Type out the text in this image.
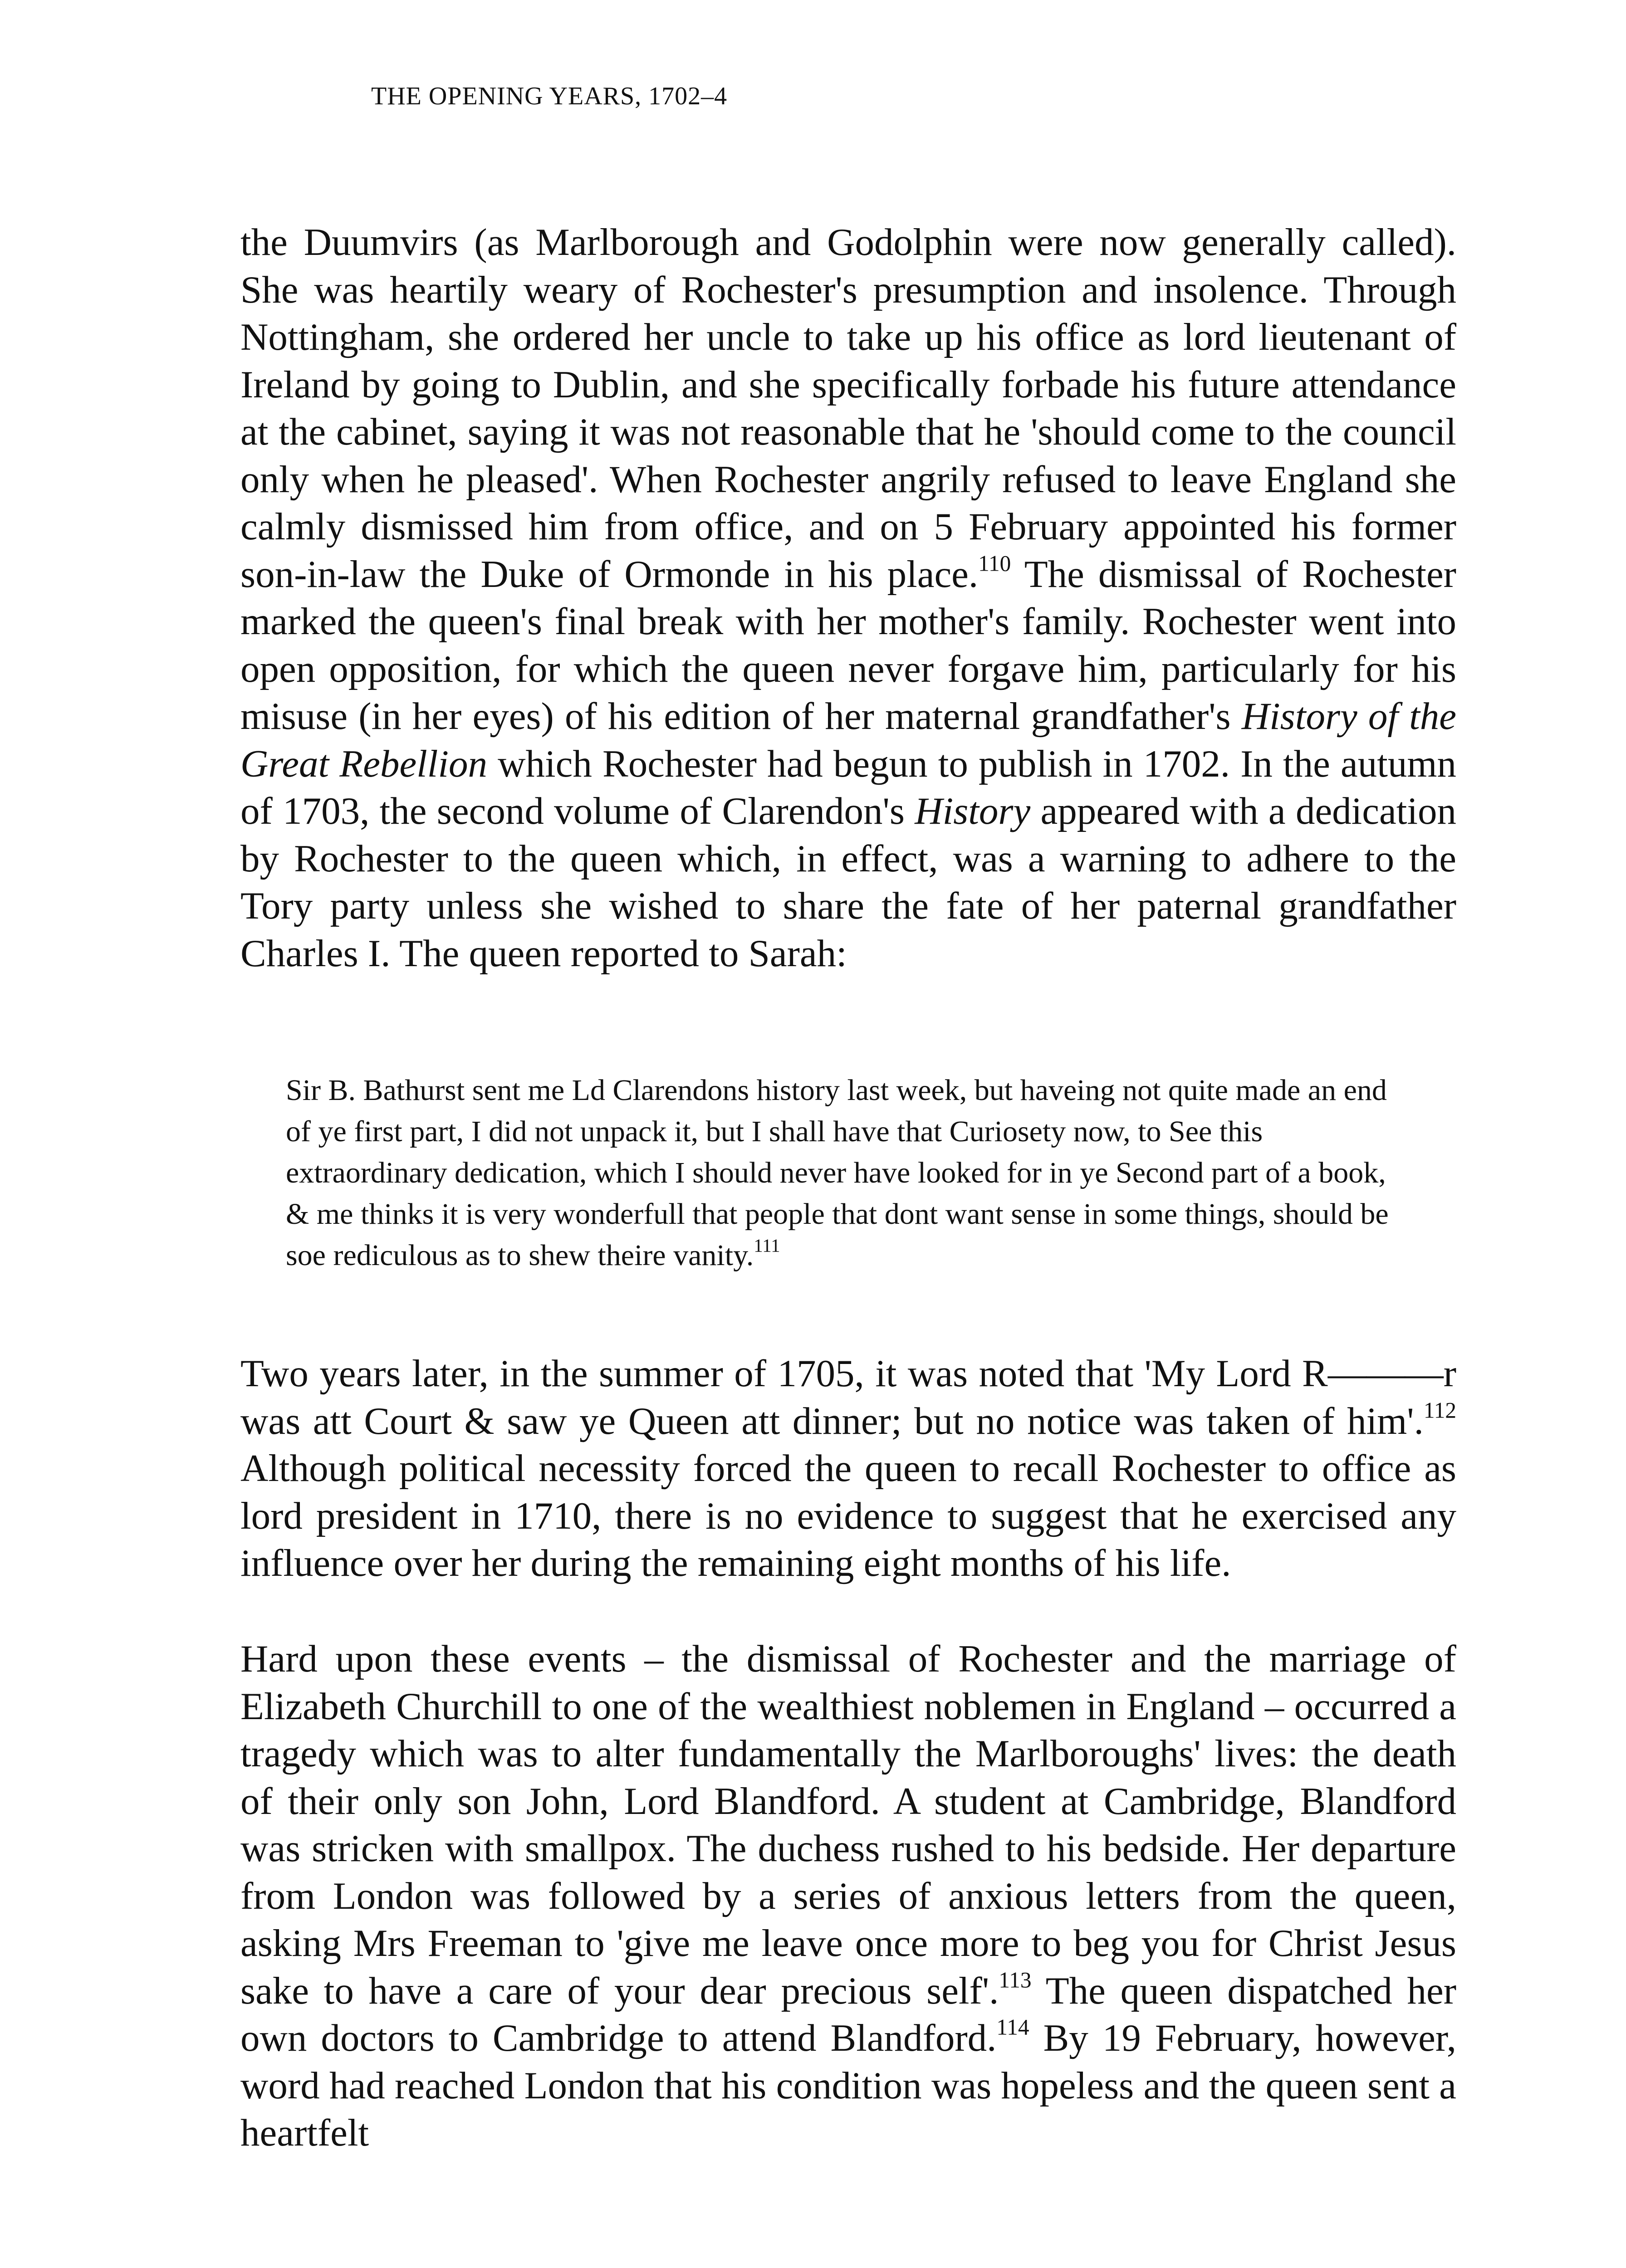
THE OPENING YEARS, 1702–4

the Duumvirs (as Marlborough and Godolphin were now generally called). She was heartily weary of Rochester's presumption and insolence. Through Nottingham, she ordered her uncle to take up his office as lord lieutenant of Ireland by going to Dublin, and she specifically forbade his future attendance at the cabinet, saying it was not reasonable that he 'should come to the council only when he pleased'. When Rochester angrily refused to leave England she calmly dismissed him from office, and on 5 February appointed his former son-in-law the Duke of Ormonde in his place.$^{110}$ The dismissal of Rochester marked the queen's final break with her mother's family. Rochester went into open opposition, for which the queen never forgave him, particularly for his misuse (in her eyes) of his edition of her maternal grandfather's History of the Great Rebellion which Rochester had begun to publish in 1702. In the autumn of 1703, the second volume of Clarendon's History appeared with a dedication by Rochester to the queen which, in effect, was a warning to adhere to the Tory party unless she wished to share the fate of her paternal grandfather Charles I. The queen reported to Sarah:

Sir B. Bathurst sent me Ld Clarendons history last week, but haveing not quite made an end of ye first part, I did not unpack it, but I shall have that Curiosety now, to See this extraordinary dedication, which I should never have looked for in ye Second part of a book, & me thinks it is very wonderfull that people that dont want sense in some things, should be soe rediculous as to shew theire vanity.$^{111}$

Two years later, in the summer of 1705, it was noted that 'My Lord R———r was att Court & saw ye Queen att dinner; but no notice was taken of him'.$^{112}$ Although political necessity forced the queen to recall Rochester to office as lord president in 1710, there is no evidence to suggest that he exercised any influence over her during the remaining eight months of his life.

Hard upon these events – the dismissal of Rochester and the marriage of Elizabeth Churchill to one of the wealthiest noblemen in England – occurred a tragedy which was to alter fundamentally the Marlboroughs' lives: the death of their only son John, Lord Blandford. A student at Cambridge, Blandford was stricken with smallpox. The duchess rushed to his bedside. Her departure from London was followed by a series of anxious letters from the queen, asking Mrs Freeman to 'give me leave once more to beg you for Christ Jesus sake to have a care of your dear precious self'.$^{113}$ The queen dispatched her own doctors to Cambridge to attend Blandford.$^{114}$ By 19 February, however, word had reached London that his condition was hopeless and the queen sent a heartfelt
